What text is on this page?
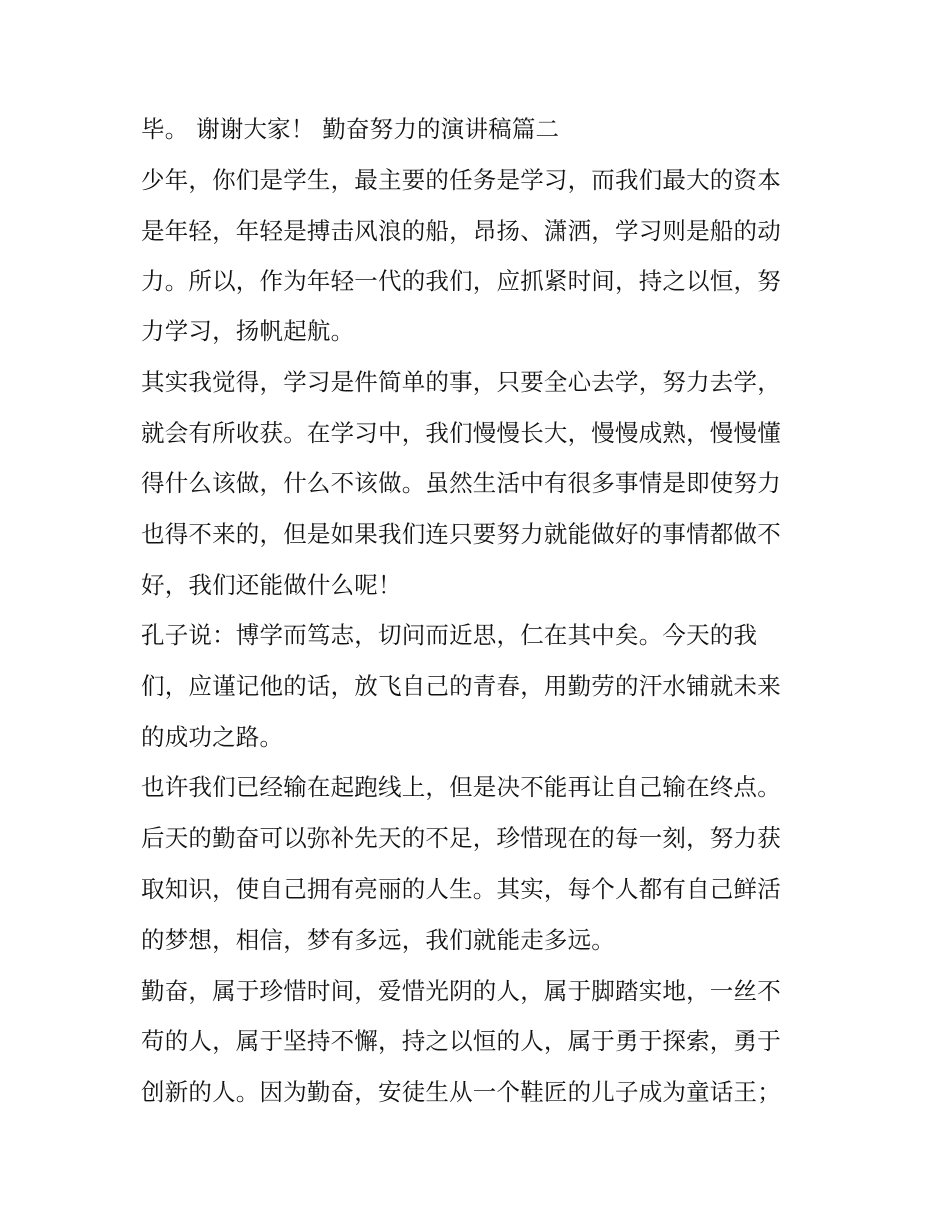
毕。 谢谢大家！ 勤奋努力的演讲稿篇二
少年，你们是学生，最主要的任务是学习，而我们最大的资本
是年轻，年轻是搏击风浪的船，昂扬、潇洒，学习则是船的动
力。所以，作为年轻一代的我们，应抓紧时间，持之以恒，努
力学习，扬帆起航。
其实我觉得，学习是件简单的事，只要全心去学，努力去学，
就会有所收获。在学习中，我们慢慢长大，慢慢成熟，慢慢懂
得什么该做，什么不该做。虽然生活中有很多事情是即使努力
也得不来的，但是如果我们连只要努力就能做好的事情都做不
好，我们还能做什么呢！
孔子说：博学而笃志，切问而近思，仁在其中矣。今天的我
们，应谨记他的话，放飞自己的青春，用勤劳的汗水铺就未来
的成功之路。
也许我们已经输在起跑线上，但是决不能再让自己输在终点。
后天的勤奋可以弥补先天的不足，珍惜现在的每一刻，努力获
取知识，使自己拥有亮丽的人生。其实，每个人都有自己鲜活
的梦想，相信，梦有多远，我们就能走多远。
勤奋，属于珍惜时间，爱惜光阴的人，属于脚踏实地，一丝不
苟的人，属于坚持不懈，持之以恒的人，属于勇于探索，勇于
创新的人。因为勤奋，安徒生从一个鞋匠的儿子成为童话王；
